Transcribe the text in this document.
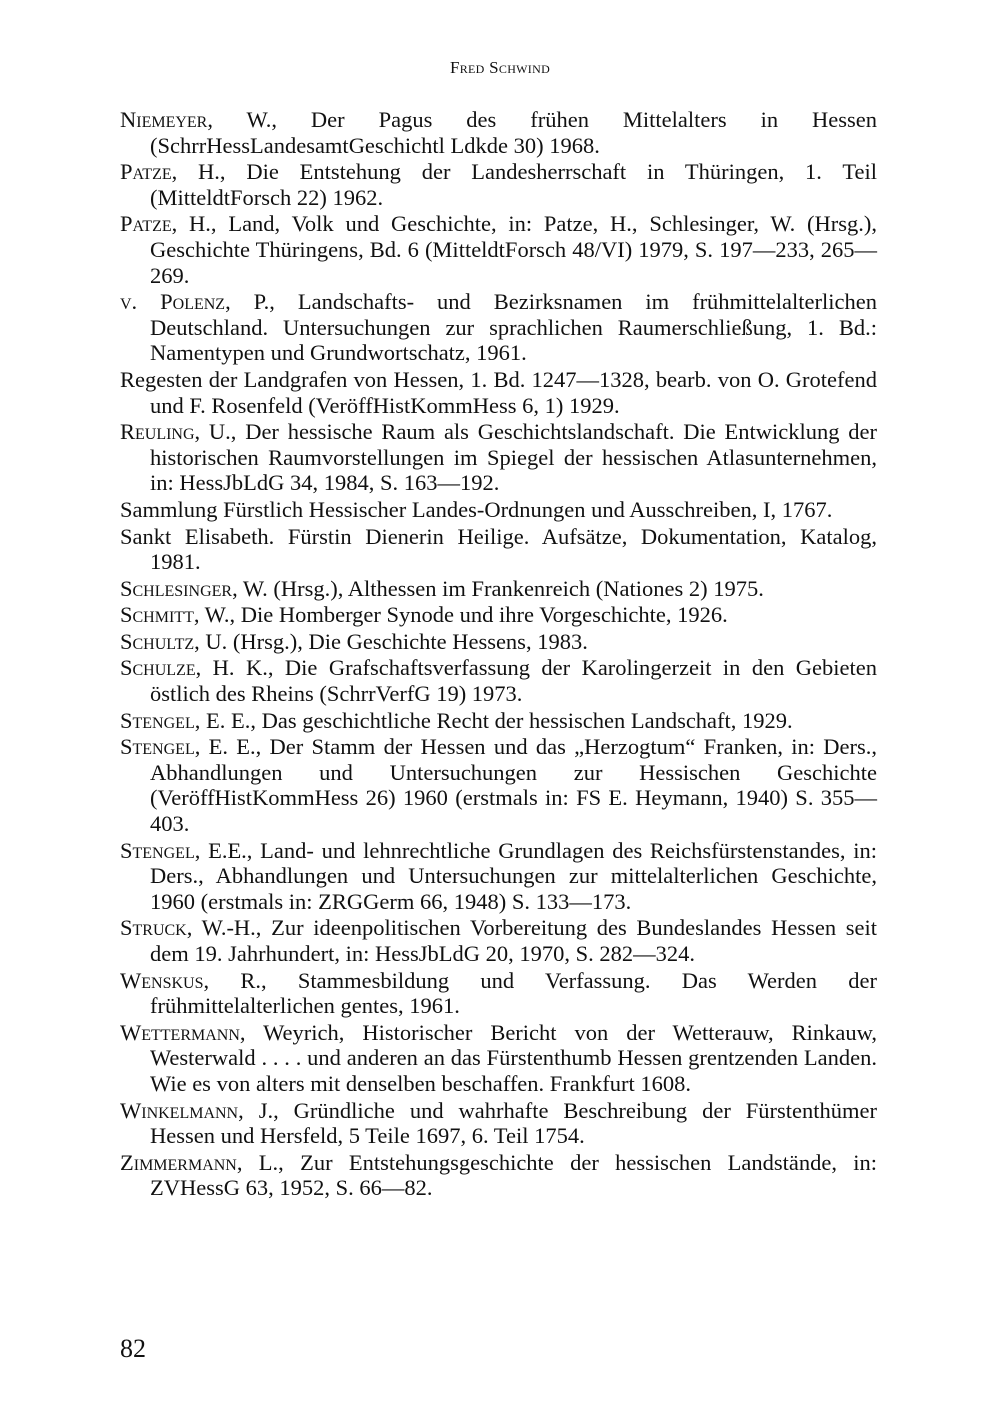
Fred Schwind
Niemeyer, W., Der Pagus des frühen Mittelalters in Hessen (SchrrHessLandesamtGeschichtl Ldkde 30) 1968.
Patze, H., Die Entstehung der Landesherrschaft in Thüringen, 1. Teil (MitteldtForsch 22) 1962.
Patze, H., Land, Volk und Geschichte, in: Patze, H., Schlesinger, W. (Hrsg.), Geschichte Thüringens, Bd. 6 (MitteldtForsch 48/VI) 1979, S. 197—233, 265—269.
v. Polenz, P., Landschafts- und Bezirksnamen im frühmittelalterlichen Deutschland. Untersuchungen zur sprachlichen Raumerschließung, 1. Bd.: Namentypen und Grundwortschatz, 1961.
Regesten der Landgrafen von Hessen, 1. Bd. 1247—1328, bearb. von O. Grotefend und F. Rosenfeld (VeröffHistKommHess 6, 1) 1929.
Reuling, U., Der hessische Raum als Geschichtslandschaft. Die Entwicklung der historischen Raumvorstellungen im Spiegel der hessischen Atlasunternehmen, in: HessJbLdG 34, 1984, S. 163—192.
Sammlung Fürstlich Hessischer Landes-Ordnungen und Ausschreiben, I, 1767.
Sankt Elisabeth. Fürstin Dienerin Heilige. Aufsätze, Dokumentation, Katalog, 1981.
Schlesinger, W. (Hrsg.), Althessen im Frankenreich (Nationes 2) 1975.
Schmitt, W., Die Homberger Synode und ihre Vorgeschichte, 1926.
Schultz, U. (Hrsg.), Die Geschichte Hessens, 1983.
Schulze, H. K., Die Grafschaftsverfassung der Karolingerzeit in den Gebieten östlich des Rheins (SchrrVerfG 19) 1973.
Stengel, E. E., Das geschichtliche Recht der hessischen Landschaft, 1929.
Stengel, E. E., Der Stamm der Hessen und das „Herzogtum“ Franken, in: Ders., Abhandlungen und Untersuchungen zur Hessischen Geschichte (VeröffHistKommHess 26) 1960 (erstmals in: FS E. Heymann, 1940) S. 355—403.
Stengel, E.E., Land- und lehnrechtliche Grundlagen des Reichsfürstenstandes, in: Ders., Abhandlungen und Untersuchungen zur mittelalterlichen Geschichte, 1960 (erstmals in: ZRGGerm 66, 1948) S. 133—173.
Struck, W.-H., Zur ideenpolitischen Vorbereitung des Bundeslandes Hessen seit dem 19. Jahrhundert, in: HessJbLdG 20, 1970, S. 282—324.
Wenskus, R., Stammesbildung und Verfassung. Das Werden der frühmittelalterlichen gentes, 1961.
Wettermann, Weyrich, Historischer Bericht von der Wetterauw, Rinkauw, Westerwald . . . . und anderen an das Fürstenthumb Hessen grentzenden Landen. Wie es von alters mit denselben beschaffen. Frankfurt 1608.
Winkelmann, J., Gründliche und wahrhafte Beschreibung der Fürstenthümer Hessen und Hersfeld, 5 Teile 1697, 6. Teil 1754.
Zimmermann, L., Zur Entstehungsgeschichte der hessischen Landstände, in: ZVHessG 63, 1952, S. 66—82.
82
